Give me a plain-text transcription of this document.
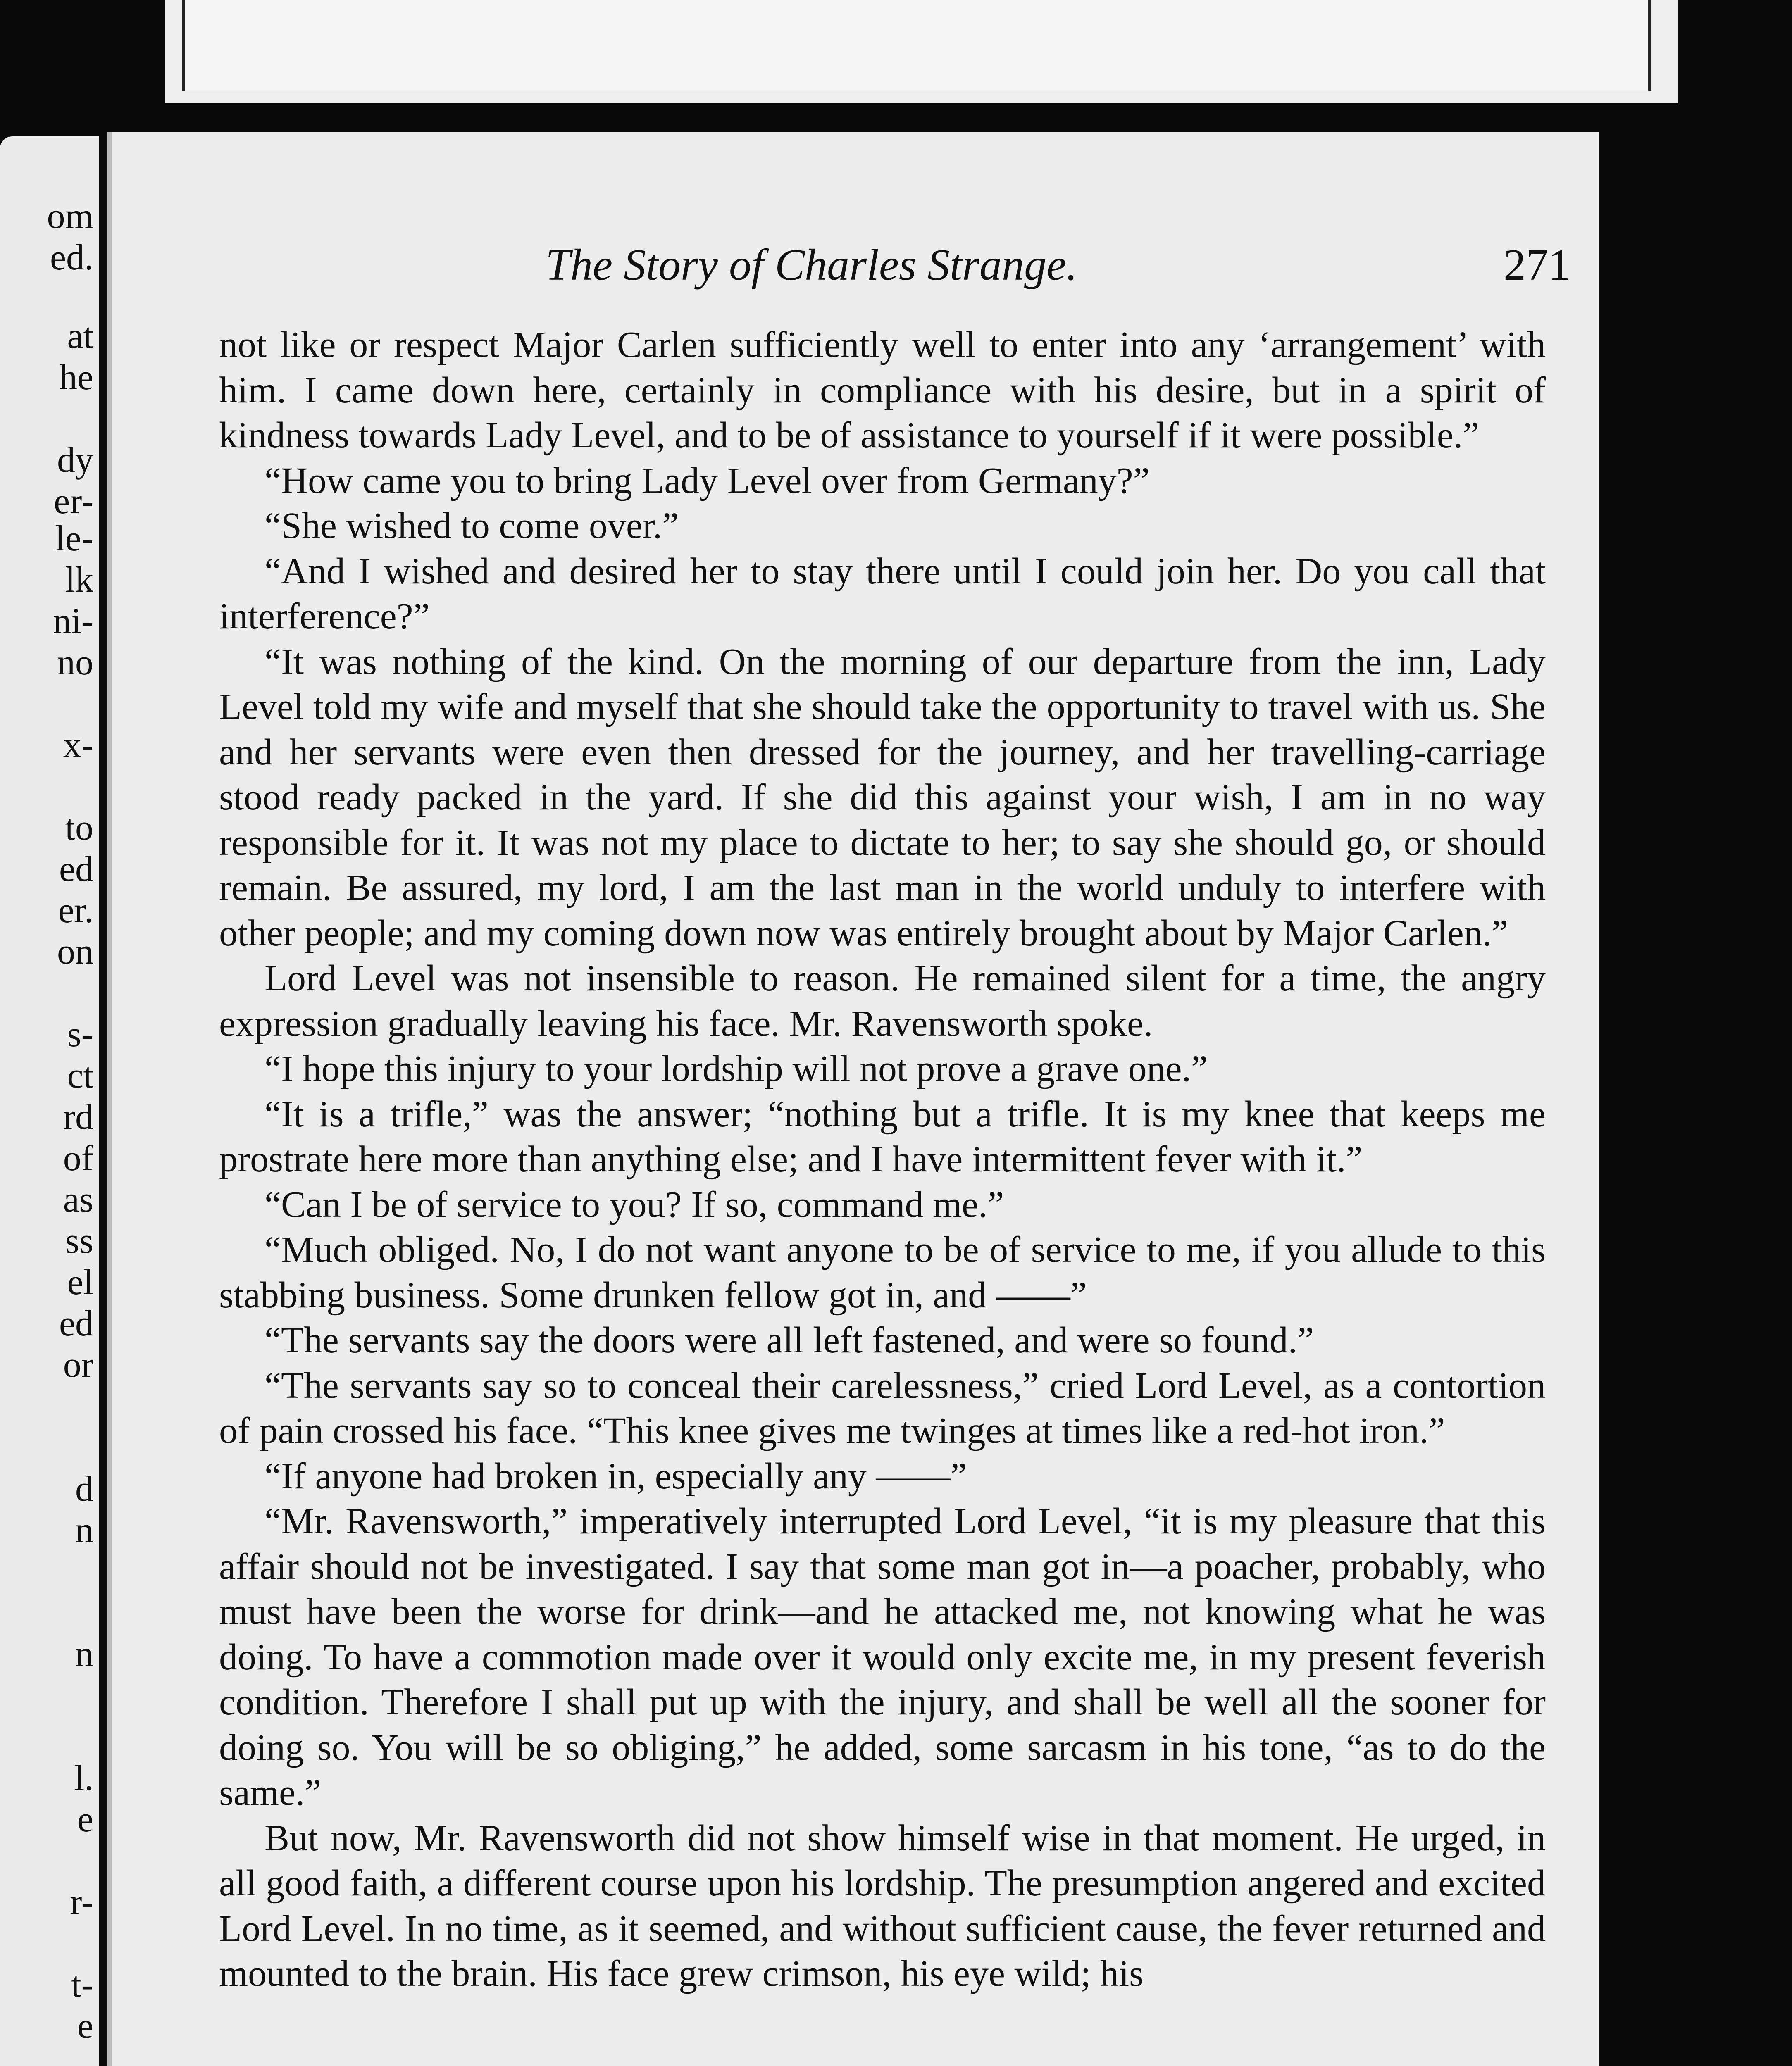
om
ed.
at
he
dy
er-
le-
lk
ni-
no
x-
to
ed
er.
on
s-
ct
rd
of
as
ss
el
ed
or
d
n
n
l.
e
r-
t-
e
The Story of Charles Strange.	271

not like or respect Major Carlen sufficiently well to enter into any ‘arrangement’ with him. I came down here, certainly in compliance with his desire, but in a spirit of kindness towards Lady Level, and to be of assistance to yourself if it were possible.”

“How came you to bring Lady Level over from Germany?”

“She wished to come over.”

“And I wished and desired her to stay there until I could join her. Do you call that interference?”

“It was nothing of the kind. On the morning of our departure from the inn, Lady Level told my wife and myself that she should take the opportunity to travel with us. She and her servants were even then dressed for the journey, and her travelling-carriage stood ready packed in the yard. If she did this against your wish, I am in no way responsible for it. It was not my place to dictate to her; to say she should go, or should remain. Be assured, my lord, I am the last man in the world unduly to interfere with other people; and my coming down now was entirely brought about by Major Carlen.”

Lord Level was not insensible to reason. He remained silent for a time, the angry expression gradually leaving his face. Mr. Ravensworth spoke.

“I hope this injury to your lordship will not prove a grave one.”

“It is a trifle,” was the answer; “nothing but a trifle. It is my knee that keeps me prostrate here more than anything else; and I have intermittent fever with it.”

“Can I be of service to you? If so, command me.”

“Much obliged. No, I do not want anyone to be of service to me, if you allude to this stabbing business. Some drunken fellow got in, and ——”

“The servants say the doors were all left fastened, and were so found.”

“The servants say so to conceal their carelessness,” cried Lord Level, as a contortion of pain crossed his face. “This knee gives me twinges at times like a red-hot iron.”

“If anyone had broken in, especially any ——”

“Mr. Ravensworth,” imperatively interrupted Lord Level, “it is my pleasure that this affair should not be investigated. I say that some man got in—a poacher, probably, who must have been the worse for drink—and he attacked me, not knowing what he was doing. To have a commotion made over it would only excite me, in my present feverish condition. Therefore I shall put up with the injury, and shall be well all the sooner for doing so. You will be so obliging,” he added, some sarcasm in his tone, “as to do the same.”

But now, Mr. Ravensworth did not show himself wise in that moment. He urged, in all good faith, a different course upon his lordship. The presumption angered and excited Lord Level. In no time, as it seemed, and without sufficient cause, the fever returned and mounted to the brain. His face grew crimson, his eye wild; his
